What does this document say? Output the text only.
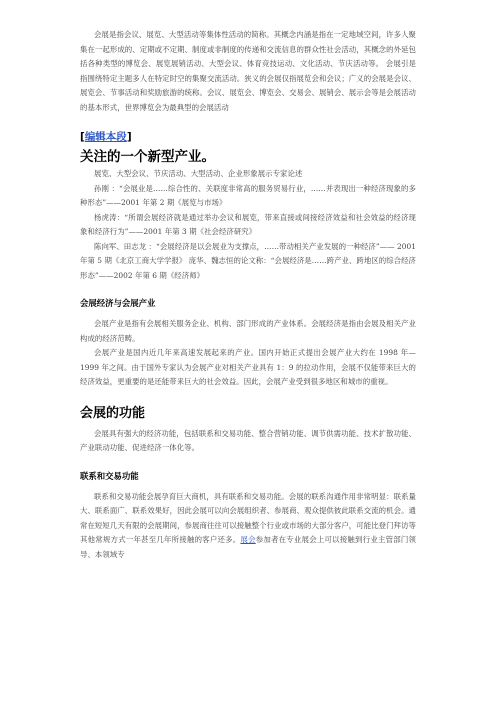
会展是指会议、展览、大型活动等集体性活动的简称。其概念内涵是指在一定地域空间，许多人聚集在一起形成的、定期或不定期、制度或非制度的传递和交流信息的群众性社会活动，其概念的外延包括各种类型的博览会、展览展销活动、大型会议、体育竞技运动、文化活动、节庆活动等。 会展引是指围绕特定主题多人在特定时空的集聚交流活动。狭义的会展仅指展览会和会议；广义的会展是会议、展览会、节事活动和奖励旅游的统称。会议、展览会、博览会、交易会、展销会、展示会等是会展活动的基本形式，世界博览会为最典型的会展活动

[编辑本段]
关注的一个新型产业。

展览、大型会议、节庆活动、大型活动、企业形象展示专家论述

孙刚 ：“会展业是……综合性的、关联度非常高的服务贸易行业，……并表现出一种经济现象的多种形态”——2001 年第 2 期《展览与市场》

杨虎涛：“所谓会展经济就是通过举办会议和展览，带来直接或间接经济效益和社会效益的经济现象和经济行为”——2001 年第 3 期《社会经济研究》

陈向军、田志龙 ：“会展经济是以会展业为支撑点，……带动相关产业发展的一种经济”—— 2001 年第 5 期《北京工商大学学报》 庞华、魏志恒的论文称：“会展经济是……跨产业、跨地区的综合经济形态”——2002 年第 6 期《经济师》

会展经济与会展产业

会展产业是指有会展相关服务企业、机构、部门形成的产业体系。会展经济是指由会展及相关产业构成的经济范畴。

会展产业是国内近几年来高速发展起来的产业。国内开始正式提出会展产业大约在 1998 年—1999 年之间。由于国外专家认为会展产业对相关产业具有 1：9 的拉动作用，会展不仅能带来巨大的经济效益，更重要的是还能带来巨大的社会效益。因此，会展产业受到很多地区和城市的重视。

会展的功能

会展具有强大的经济功能，包括联系和交易功能、整合营销功能、调节供需功能、技术扩散功能、产业联动功能、促进经济一体化等。

联系和交易功能

联系和交易功能会展孕育巨大商机，具有联系和交易功能。会展的联系沟通作用非常明显：联系量大、联系面广、联系效果好，因此会展可以向会展组织者、参展商、观众提供彼此联系交流的机会。通常在短短几天有限的会展期间，参展商往往可以接触整个行业或市场的大部分客户，可能比登门拜访等其他常规方式一年甚至几年所接触的客户还多。展会参加者在专业展会上可以接触到行业主管部门领导、本领域专
